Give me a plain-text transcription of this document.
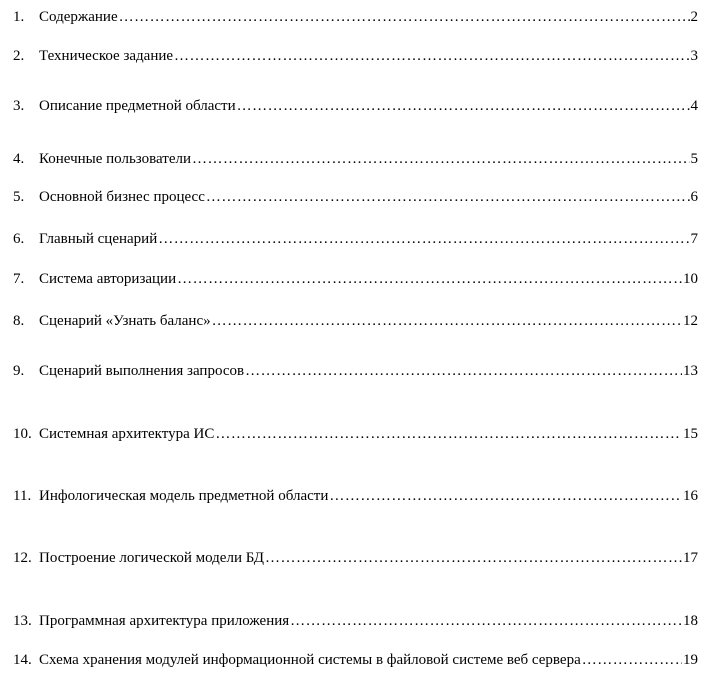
1. Содержание ……………………………………………………………………………………………………………………………………………………………………………………………………………………………	2
2. Техническое задание ……………………………………………………………………………………………………………………………………………………………………………………………………………………………	3
3. Описание предметной области ……………………………………………………………………………………………………………………………………………………………………………………………………………………………	4
4. Конечные пользователи ……………………………………………………………………………………………………………………………………………………………………………………………………………………………	5
5. Основной бизнес процесс ……………………………………………………………………………………………………………………………………………………………………………………………………………………………	6
6. Главный сценарий ……………………………………………………………………………………………………………………………………………………………………………………………………………………………	7
7. Система авторизации ……………………………………………………………………………………………………………………………………………………………………………………………………………………………	10
8. Сценарий «Узнать баланс» ……………………………………………………………………………………………………………………………………………………………………………………………………………………………	12
9. Сценарий выполнения запросов ……………………………………………………………………………………………………………………………………………………………………………………………………………………………	13
10. Системная архитектура ИС ……………………………………………………………………………………………………………………………………………………………………………………………………………………………	15
11. Инфологическая модель предметной области ……………………………………………………………………………………………………………………………………………………………………………………………………………………………	16
12. Построение логической модели БД ……………………………………………………………………………………………………………………………………………………………………………………………………………………………	17
13. Программная архитектура приложения ……………………………………………………………………………………………………………………………………………………………………………………………………………………………	18
14. Схема хранения модулей информационной системы в файловой системе веб сервера ……………………………………………………………………………………………………………………………………………………………………………………………………………………………	19
